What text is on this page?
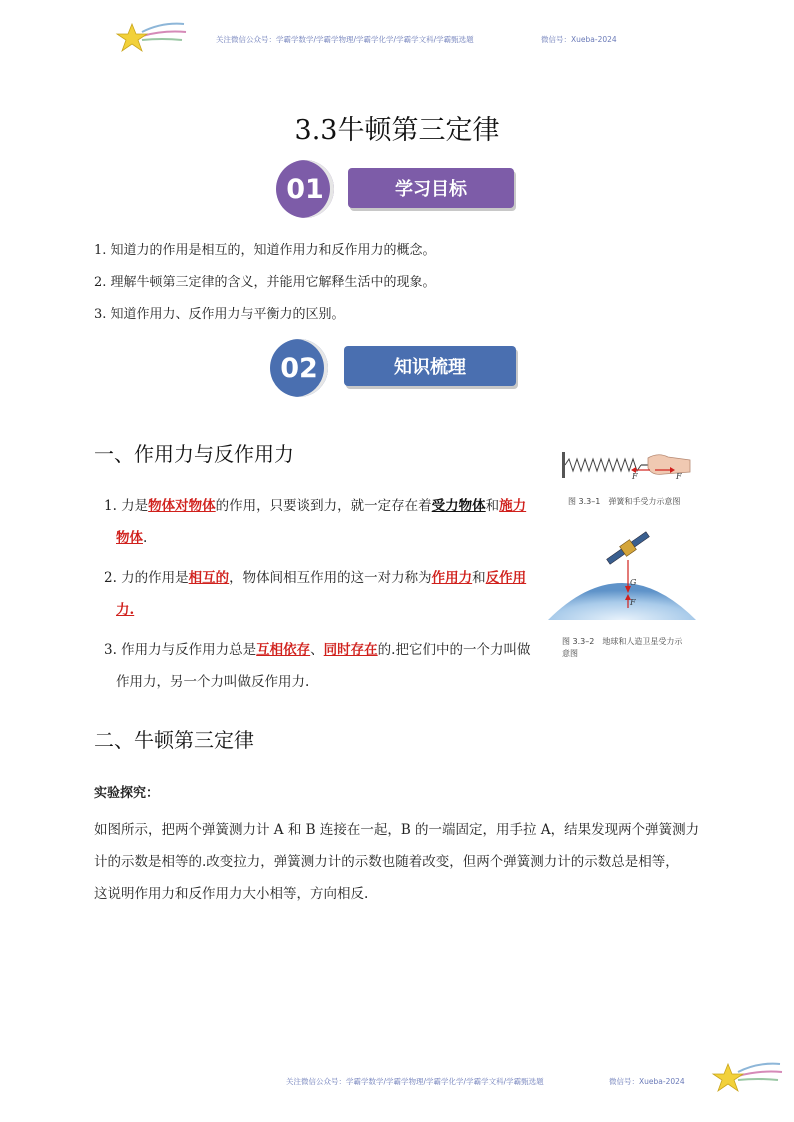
关注微信公众号：学霸学数学/学霸学物理/学霸学化学/学霸学文科/学霸甄选题	微信号：Xueba-2024
3.3牛顿第三定律
学习目标
01
1. 知道力的作用是相互的，知道作用力和反作用力的概念。
2. 理解牛顿第三定律的含义，并能用它解释生活中的现象。
3. 知道作用力、反作用力与平衡力的区别。
知识梳理
02
一、作用力与反作用力
1. 力是物体对物体的作用，只要谈到力，就一定存在着受力物体和施力
物体.
2. 力的作用是相互的，物体间相互作用的这一对力称为作用力和反作用
力.
3. 作用力与反作用力总是互相依存、同时存在的.把它们中的一个力叫做
作用力，另一个力叫做反作用力.
F	F
图 3.3–1　弹簧和手受力示意图
G
F
图 3.3–2　地球和人造卫星受力示
意图
二、牛顿第三定律
实验探究：
如图所示，把两个弹簧测力计 A 和 B 连接在一起，B 的一端固定，用手拉 A，结果发现两个弹簧测力
计的示数是相等的.改变拉力，弹簧测力计的示数也随着改变，但两个弹簧测力计的示数总是相等，
这说明作用力和反作用力大小相等，方向相反.
关注微信公众号：学霸学数学/学霸学物理/学霸学化学/学霸学文科/学霸甄选题	微信号：Xueba-2024
